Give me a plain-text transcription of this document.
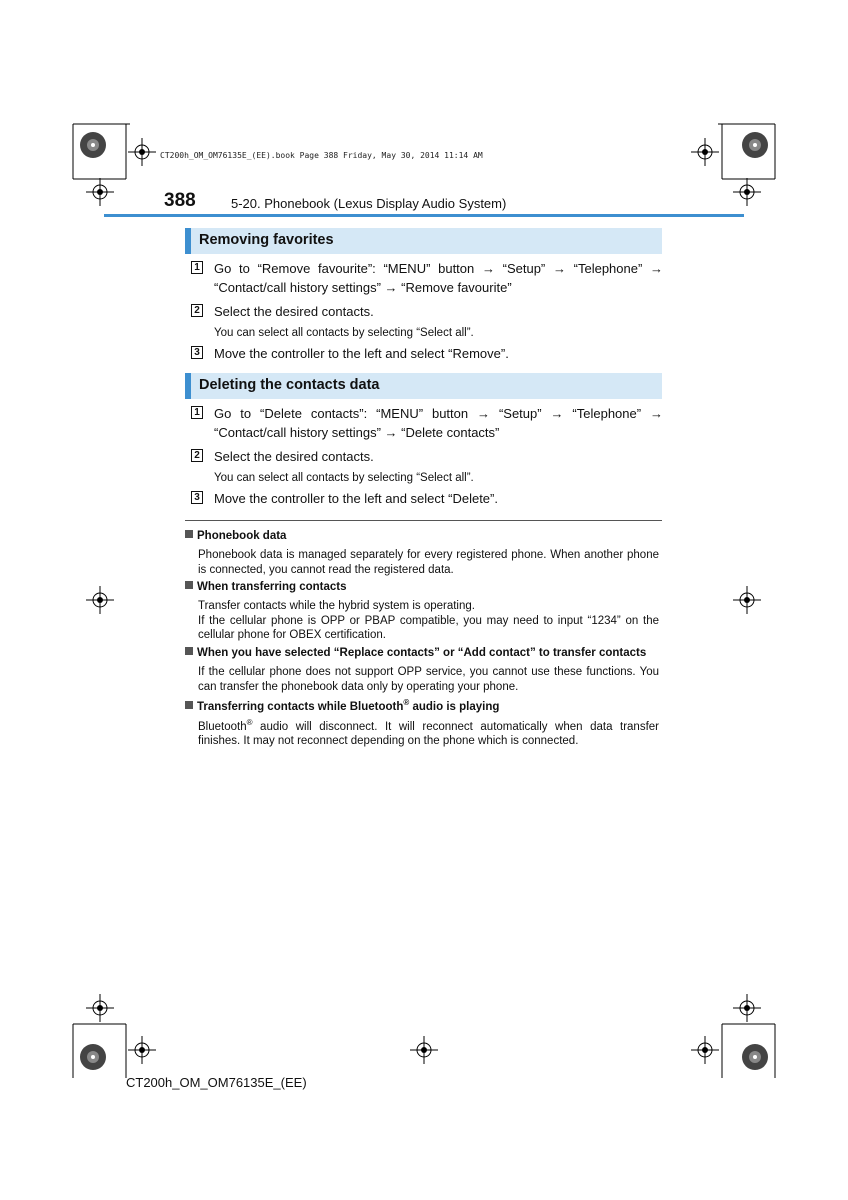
CT200h_OM_OM76135E_(EE).book Page 388 Friday, May 30, 2014 11:14 AM
388	5-20. Phonebook (Lexus Display Audio System)
Removing favorites
1 Go to “Remove favourite”: “MENU” button → “Setup” → “Telephone” → “Contact/call history settings” → “Remove favourite”
2 Select the desired contacts.
You can select all contacts by selecting “Select all”.
3 Move the controller to the left and select “Remove”.
Deleting the contacts data
1 Go to “Delete contacts”: “MENU” button → “Setup” → “Telephone” → “Contact/call history settings” → “Delete contacts”
2 Select the desired contacts.
You can select all contacts by selecting “Select all”.
3 Move the controller to the left and select “Delete”.
Phonebook data
Phonebook data is managed separately for every registered phone. When another phone is connected, you cannot read the registered data.
When transferring contacts
Transfer contacts while the hybrid system is operating.
If the cellular phone is OPP or PBAP compatible, you may need to input “1234” on the cellular phone for OBEX certification.
When you have selected “Replace contacts” or “Add contact” to transfer contacts
If the cellular phone does not support OPP service, you cannot use these functions. You can transfer the phonebook data only by operating your phone.
Transferring contacts while Bluetooth® audio is playing
Bluetooth® audio will disconnect. It will reconnect automatically when data transfer finishes. It may not reconnect depending on the phone which is connected.
CT200h_OM_OM76135E_(EE)
